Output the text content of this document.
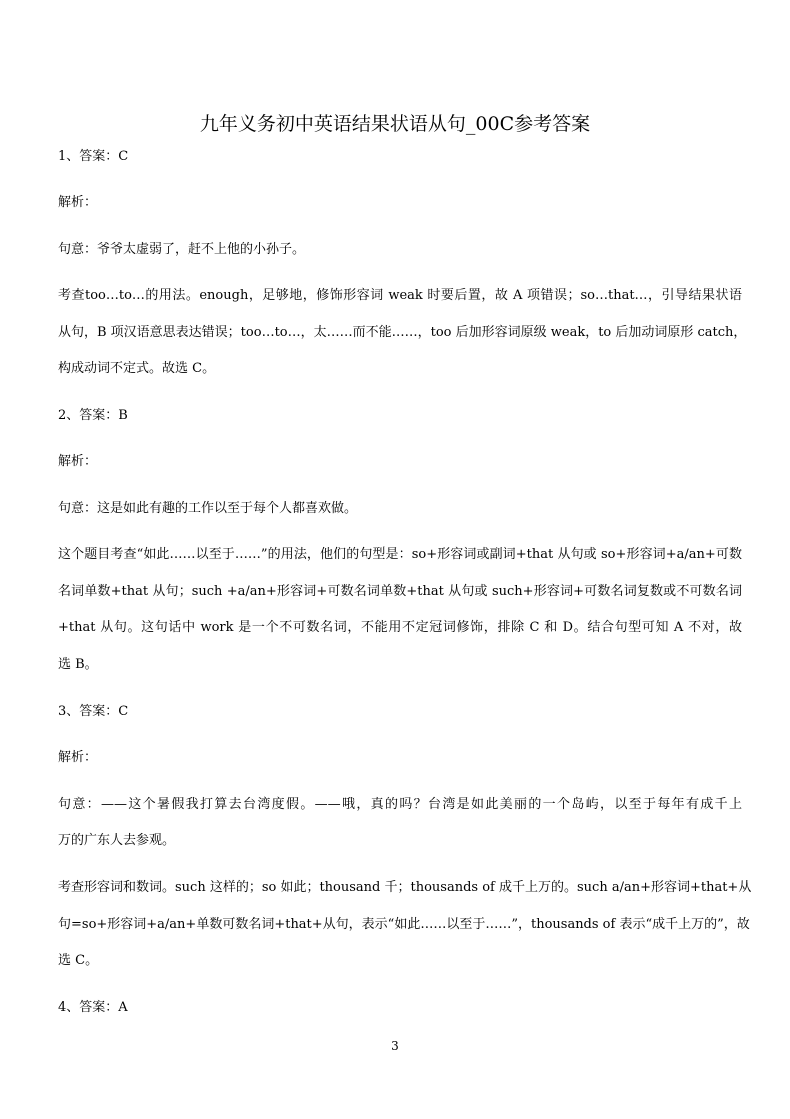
九年义务初中英语结果状语从句_00C参考答案
1、答案：C
解析：
句意：爷爷太虚弱了，赶不上他的小孙子。
考查too…to…的用法。enough，足够地，修饰形容词 weak 时要后置，故 A 项错误；so…that…，引导结果状语
从句，B 项汉语意思表达错误；too…to…，太……而不能……，too 后加形容词原级 weak，to 后加动词原形 catch，
构成动词不定式。故选 C。
2、答案：B
解析：
句意：这是如此有趣的工作以至于每个人都喜欢做。
这个题目考查“如此……以至于……”的用法，他们的句型是：so+形容词或副词+that 从句或 so+形容词+a/an+可数
名词单数+that 从句；such +a/an+形容词+可数名词单数+that 从句或 such+形容词+可数名词复数或不可数名词
+that 从句。这句话中 work 是一个不可数名词，不能用不定冠词修饰，排除 C 和 D。结合句型可知 A 不对，故
选 B。
3、答案：C
解析：
句意：——这个暑假我打算去台湾度假。——哦，真的吗？台湾是如此美丽的一个岛屿，以至于每年有成千上
万的广东人去参观。
考查形容词和数词。such 这样的；so 如此；thousand 千；thousands of 成千上万的。such a/an+形容词+that+从
句=so+形容词+a/an+单数可数名词+that+从句，表示“如此……以至于……”，thousands of 表示“成千上万的”，故
选 C。
4、答案：A
3
